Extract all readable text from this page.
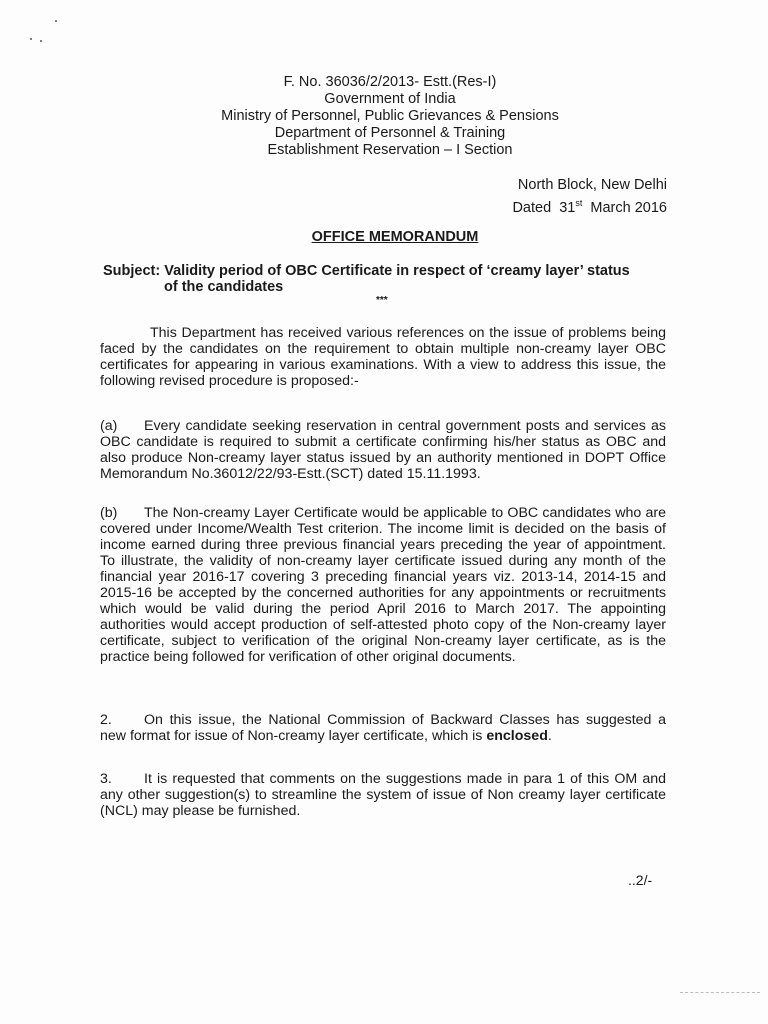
F. No. 36036/2/2013- Estt.(Res-I)
Government of India
Ministry of Personnel, Public Grievances & Pensions
Department of Personnel & Training
Establishment Reservation – I Section
North Block, New Delhi
Dated  31st  March 2016
OFFICE MEMORANDUM
Subject: Validity period of OBC Certificate in respect of ‘creamy layer’ status
of the candidates
***
This Department has received various references on the issue of problems being faced by the candidates on the requirement to obtain multiple non-creamy layer OBC certificates for appearing in various examinations. With a view to address this issue, the following revised procedure is proposed:-
(a) Every candidate seeking reservation in central government posts and services as OBC candidate is required to submit a certificate confirming his/her status as OBC and also produce Non-creamy layer status issued by an authority mentioned in DOPT Office Memorandum No.36012/22/93-Estt.(SCT) dated 15.11.1993.
(b) The Non-creamy Layer Certificate would be applicable to OBC candidates who are covered under Income/Wealth Test criterion. The income limit is decided on the basis of income earned during three previous financial years preceding the year of appointment. To illustrate, the validity of non-creamy layer certificate issued during any month of the financial year 2016-17 covering 3 preceding financial years viz. 2013-14, 2014-15 and 2015-16 be accepted by the concerned authorities for any appointments or recruitments which would be valid during the period April 2016 to March 2017. The appointing authorities would accept production of self-attested photo copy of the Non-creamy layer certificate, subject to verification of the original Non-creamy layer certificate, as is the practice being followed for verification of other original documents.
2. On this issue, the National Commission of Backward Classes has suggested a new format for issue of Non-creamy layer certificate, which is enclosed.
3. It is requested that comments on the suggestions made in para 1 of this OM and any other suggestion(s) to streamline the system of issue of Non creamy layer certificate (NCL) may please be furnished.
..2/-
